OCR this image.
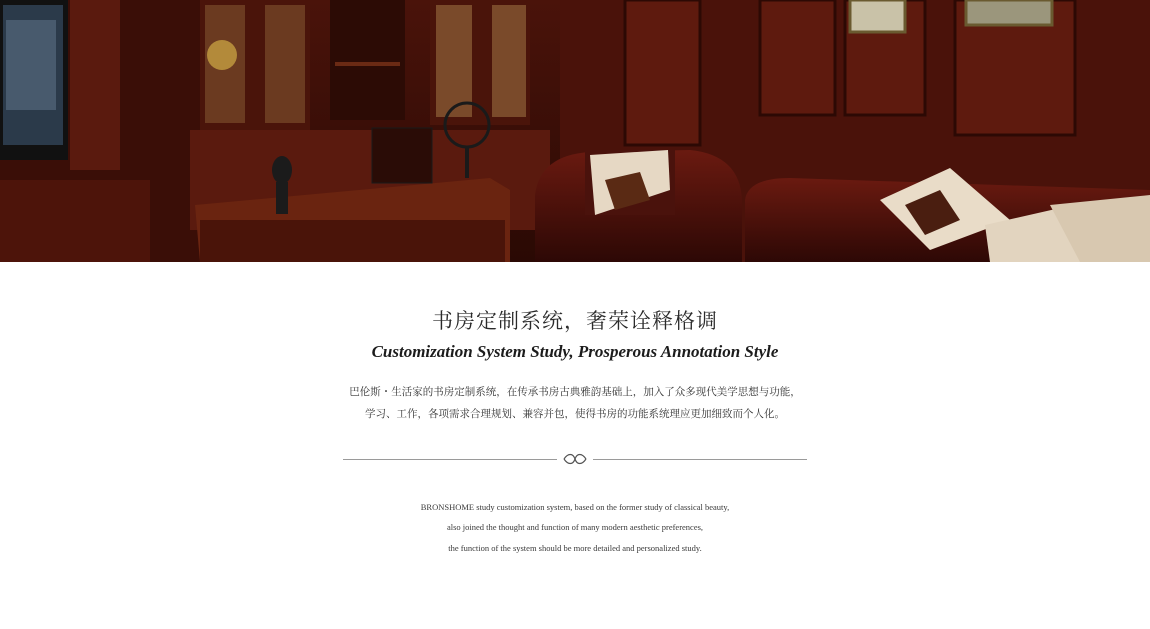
书房定制系统，奢荣诠释格调
Customization System Study, Prosperous Annotation Style
巴伦斯・生活家的书房定制系统，在传承书房古典雅韵基础上，加入了众多现代美学思想与功能，
学习、工作，各项需求合理规划、兼容并包，使得书房的功能系统理应更加细致而个人化。
BRONSHOME study customization system, based on the former study of classical beauty,
also joined the thought and function of many modern aesthetic preferences,
the function of the system should be more detailed and personalized study.
